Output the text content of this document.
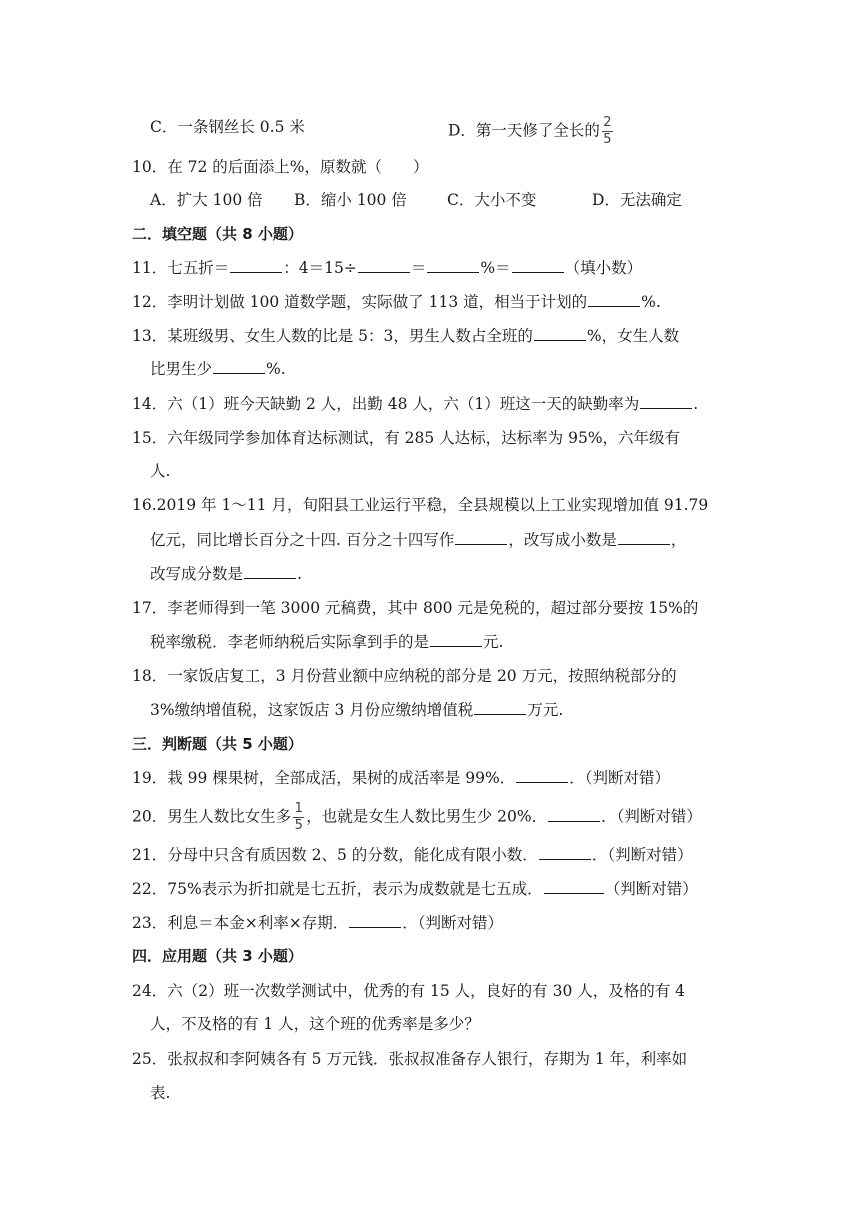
C．一条钢丝长 0.5 米	D．第一天修了全长的 $\frac{2}{5}$
10．在 72 的后面添上%，原数就（　　）
A．扩大 100 倍 B．缩小 100 倍	C．大小不变	D．无法确定
二．填空题（共 8 小题）
11．七五折＝	：4＝15÷	＝	%＝	（填小数）
12．李明计划做 100 道数学题，实际做了 113 道，相当于计划的	%.
13．某班级男、女生人数的比是 5：3，男生人数占全班的	%，女生人数
比男生少	%.
14．六（1）班今天缺勤 2 人，出勤 48 人，六（1）班这一天的缺勤率为	.
15．六年级同学参加体育达标测试，有 285 人达标，达标率为 95%，六年级有
人.
16.2019 年 1～11 月，旬阳县工业运行平稳，全县规模以上工业实现增加值 91.79
亿元，同比增长百分之十四. 百分之十四写作	，改写成小数是	，
改写成分数是	.
17．李老师得到一笔 3000 元稿费，其中 800 元是免税的，超过部分要按 15%的
税率缴税．李老师纳税后实际拿到手的是	元.
18．一家饭店复工，3 月份营业额中应纳税的部分是 20 万元，按照纳税部分的
3%缴纳增值税，这家饭店 3 月份应缴纳增值税	万元.
三．判断题（共 5 小题）
19．栽 99 棵果树，全部成活，果树的成活率是 99%．	．（判断对错）
20．男生人数比女生多 $\frac{1}{5}$ ，也就是女生人数比男生少 20%．	．（判断对错）
21．分母中只含有质因数 2、5 的分数，能化成有限小数．	．（判断对错）
22．75%表示为折扣就是七五折，表示为成数就是七五成．	（判断对错）
23．利息＝本金×利率×存期．	．（判断对错）
四．应用题（共 3 小题）
24．六（2）班一次数学测试中，优秀的有 15 人，良好的有 30 人，及格的有 4
人，不及格的有 1 人，这个班的优秀率是多少？
25．张叔叔和李阿姨各有 5 万元钱．张叔叔准备存人银行，存期为 1 年，利率如
表.
